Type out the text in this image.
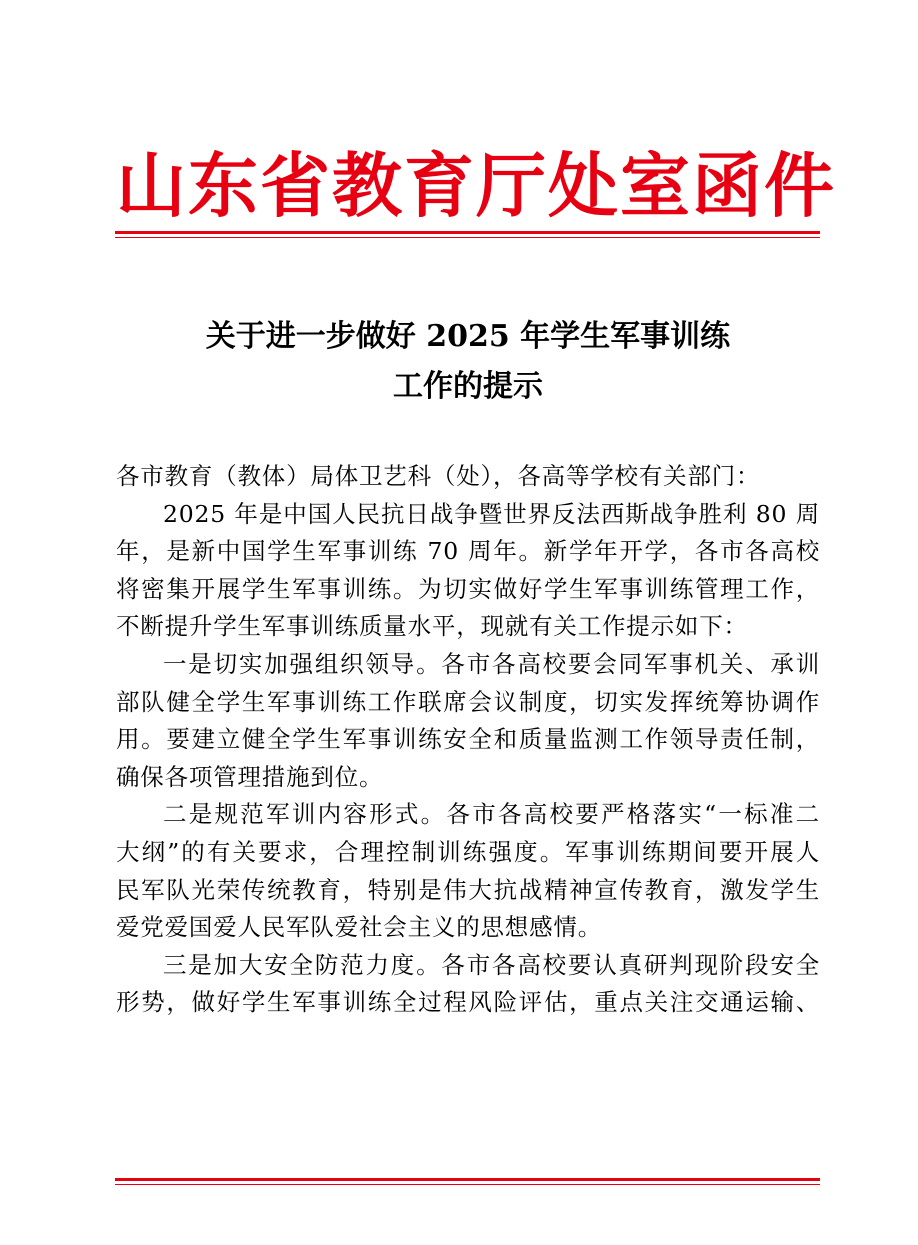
山东省教育厅处室函件
关于进一步做好 2025 年学生军事训练
工作的提示
各市教育（教体）局体卫艺科（处），各高等学校有关部门：
2025 年是中国人民抗日战争暨世界反法西斯战争胜利 80 周
年，是新中国学生军事训练 70 周年。新学年开学，各市各高校
将密集开展学生军事训练。为切实做好学生军事训练管理工作，
不断提升学生军事训练质量水平，现就有关工作提示如下：
一是切实加强组织领导。各市各高校要会同军事机关、承训
部队健全学生军事训练工作联席会议制度，切实发挥统筹协调作
用。要建立健全学生军事训练安全和质量监测工作领导责任制，
确保各项管理措施到位。
二是规范军训内容形式。各市各高校要严格落实“一标准二
大纲”的有关要求，合理控制训练强度。军事训练期间要开展人
民军队光荣传统教育，特别是伟大抗战精神宣传教育，激发学生
爱党爱国爱人民军队爱社会主义的思想感情。
三是加大安全防范力度。各市各高校要认真研判现阶段安全
形势，做好学生军事训练全过程风险评估，重点关注交通运输、
